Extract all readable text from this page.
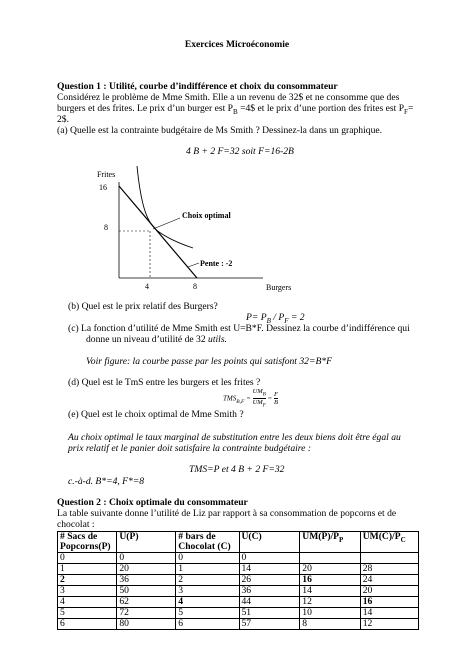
Exercices Microéconomie
Question 1 : Utilité, courbe d’indifférence et choix du consommateur
Considérez le problème de Mme Smith. Elle a un revenu de 32$ et ne consomme que des
burgers et des frites. Le prix d’un burger est $P_B$ =4$ et le prix d’une portion des frites est $P_F=$
2$.
(a) Quelle est la contrainte budgétaire de Ms Smith ? Dessinez-la dans un graphique.
4 B + 2 F=32 soit F=16-2B
Frites
16
8
4	8	Burgers
Choix optimal
Pente : -2
(b) Quel est le prix relatif des Burgers?
$P= P_B / P_F = 2$
(c) La fonction d’utilité de Mme Smith est U=B*F. Dessinez la courbe d’indifférence qui
donne un niveau d’utilité de 32 utils.
Voir figure: la courbe passe par les points qui satisfont 32=B*F
(d) Quel est le TmS entre les burgers et les frites ?
$TMS_{B,F} = \frac{UM_B}{UM_F} = \frac{F}{B}$
(e) Quel est le choix optimal de Mme Smith ?
Au choix optimal le taux marginal de substitution entre les deux biens doit être égal au
prix relatif et le panier doit satisfaire la contrainte budgétaire :
TMS=P et 4 B + 2 F=32
c.-à-d. B*=4, F*=8
Question 2 : Choix optimale du consommateur
La table suivante donne l’utilité de Liz par rapport à sa consommation de popcorns et de
chocolat :
# Sacs de Popcorns(P)	U(P)	# bars de Chocolat (C)	U(C)	$UM(P)/P_P$	$UM(C)/P_C$
0	0	0	0		
1	20	1	14	20	28
2	36	2	26	16	24
3	50	3	36	14	20
4	62	4	44	12	16
5	72	5	51	10	14
6	80	6	57	8	12
